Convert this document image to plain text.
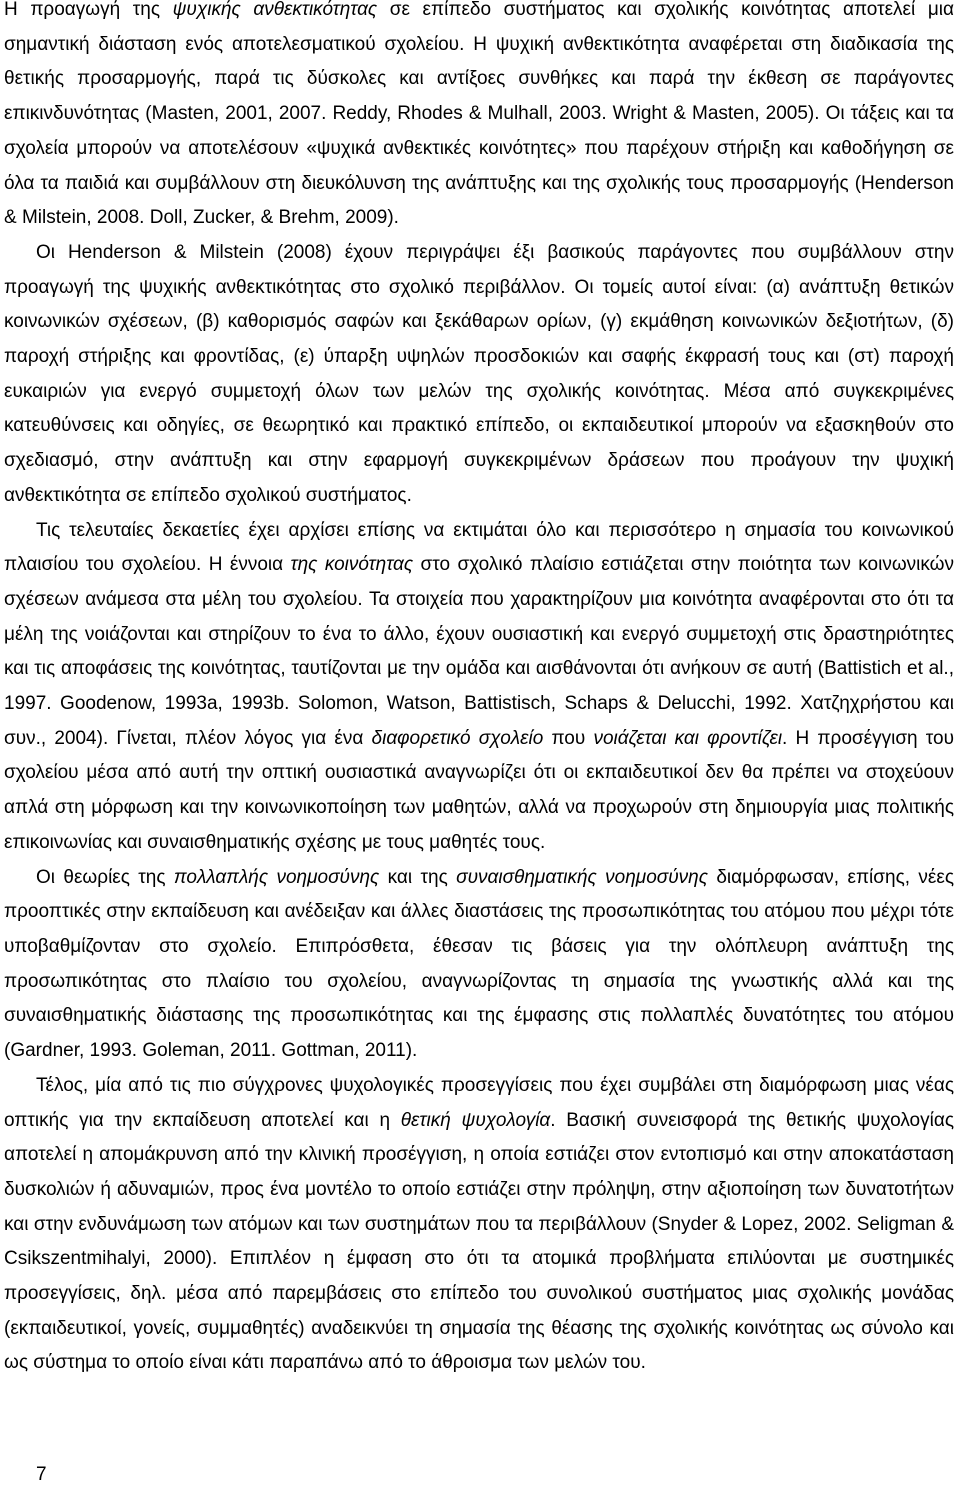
Η προαγωγή της ψυχικής ανθεκτικότητας σε επίπεδο συστήματος και σχολικής κοινότητας αποτελεί μια σημαντική διάσταση ενός αποτελεσματικού σχολείου. Η ψυχική ανθεκτικότητα αναφέρεται στη διαδικασία της θετικής προσαρμογής, παρά τις δύσκολες και αντίξοες συνθήκες και παρά την έκθεση σε παράγοντες επικινδυνότητας (Masten, 2001, 2007. Reddy, Rhodes & Mulhall, 2003. Wright & Masten, 2005). Οι τάξεις και τα σχολεία μπορούν να αποτελέσουν «ψυχικά ανθεκτικές κοινότητες» που παρέχουν στήριξη και καθοδήγηση σε όλα τα παιδιά και συμβάλλουν στη διευκόλυνση της ανάπτυξης και της σχολικής τους προσαρμογής (Henderson & Milstein, 2008. Doll, Zucker, & Brehm, 2009).

Οι Henderson & Milstein (2008) έχουν περιγράψει έξι βασικούς παράγοντες που συμβάλλουν στην προαγωγή της ψυχικής ανθεκτικότητας στο σχολικό περιβάλλον. Οι τομείς αυτοί είναι: (α) ανάπτυξη θετικών κοινωνικών σχέσεων, (β) καθορισμός σαφών και ξεκάθαρων ορίων, (γ) εκμάθηση κοινωνικών δεξιοτήτων, (δ) παροχή στήριξης και φροντίδας, (ε) ύπαρξη υψηλών προσδοκιών και σαφής έκφρασή τους και (στ) παροχή ευκαιριών για ενεργό συμμετοχή όλων των μελών της σχολικής κοινότητας. Μέσα από συγκεκριμένες κατευθύνσεις και οδηγίες, σε θεωρητικό και πρακτικό επίπεδο, οι εκπαιδευτικοί μπορούν να εξασκηθούν στο σχεδιασμό, στην ανάπτυξη και στην εφαρμογή συγκεκριμένων δράσεων που προάγουν την ψυχική ανθεκτικότητα σε επίπεδο σχολικού συστήματος.

Τις τελευταίες δεκαετίες έχει αρχίσει επίσης να εκτιμάται όλο και περισσότερο η σημασία του κοινωνικού πλαισίου του σχολείου. Η έννοια της κοινότητας στο σχολικό πλαίσιο εστιάζεται στην ποιότητα των κοινωνικών σχέσεων ανάμεσα στα μέλη του σχολείου. Τα στοιχεία που χαρακτηρίζουν μια κοινότητα αναφέρονται στο ότι τα μέλη της νοιάζονται και στηρίζουν το ένα το άλλο, έχουν ουσιαστική και ενεργό συμμετοχή στις δραστηριότητες και τις αποφάσεις της κοινότητας, ταυτίζονται με την ομάδα και αισθάνονται ότι ανήκουν σε αυτή (Battistich et al., 1997. Goodenow, 1993a, 1993b. Solomon, Watson, Battistisch, Schaps & Delucchi, 1992. Χατζηχρήστου και συν., 2004). Γίνεται, πλέον λόγος για ένα διαφορετικό σχολείο που νοιάζεται και φροντίζει. Η προσέγγιση του σχολείου μέσα από αυτή την οπτική ουσιαστικά αναγνωρίζει ότι οι εκπαιδευτικοί δεν θα πρέπει να στοχεύουν απλά στη μόρφωση και την κοινωνικοποίηση των μαθητών, αλλά να προχωρούν στη δημιουργία μιας πολιτικής επικοινωνίας και συναισθηματικής σχέσης με τους μαθητές τους.

Οι θεωρίες της πολλαπλής νοημοσύνης και της συναισθηματικής νοημοσύνης διαμόρφωσαν, επίσης, νέες προοπτικές στην εκπαίδευση και ανέδειξαν και άλλες διαστάσεις της προσωπικότητας του ατόμου που μέχρι τότε υποβαθμίζονταν στο σχολείο. Επιπρόσθετα, έθεσαν τις βάσεις για την ολόπλευρη ανάπτυξη της προσωπικότητας στο πλαίσιο του σχολείου, αναγνωρίζοντας τη σημασία της γνωστικής αλλά και της συναισθηματικής διάστασης της προσωπικότητας και της έμφασης στις πολλαπλές δυνατότητες του ατόμου (Gardner, 1993. Goleman, 2011. Gottman, 2011).

Τέλος, μία από τις πιο σύγχρονες ψυχολογικές προσεγγίσεις που έχει συμβάλει στη διαμόρφωση μιας νέας οπτικής για την εκπαίδευση αποτελεί και η θετική ψυχολογία. Βασική συνεισφορά της θετικής ψυχολογίας αποτελεί η απομάκρυνση από την κλινική προσέγγιση, η οποία εστιάζει στον εντοπισμό και στην αποκατάσταση δυσκολιών ή αδυναμιών, προς ένα μοντέλο το οποίο εστιάζει στην πρόληψη, στην αξιοποίηση των δυνατοτήτων και στην ενδυνάμωση των ατόμων και των συστημάτων που τα περιβάλλουν (Snyder & Lopez, 2002. Seligman & Csikszentmihalyi, 2000). Επιπλέον η έμφαση στο ότι τα ατομικά προβλήματα επιλύονται με συστημικές προσεγγίσεις, δηλ. μέσα από παρεμβάσεις στο επίπεδο του συνολικού συστήματος μιας σχολικής μονάδας (εκπαιδευτικοί, γονείς, συμμαθητές) αναδεικνύει τη σημασία της θέασης της σχολικής κοινότητας ως σύνολο και ως σύστημα το οποίο είναι κάτι παραπάνω από το άθροισμα των μελών του.

7
